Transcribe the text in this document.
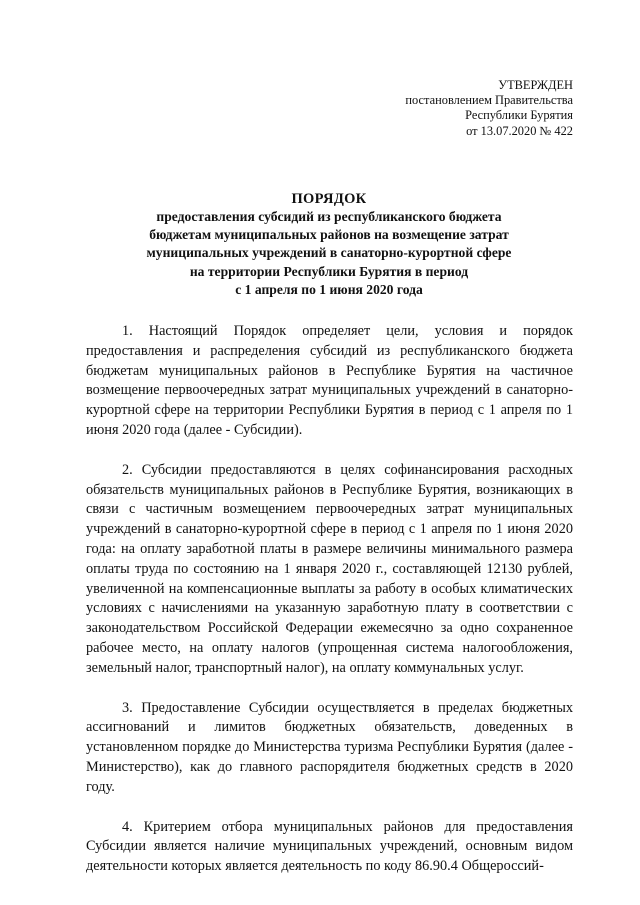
УТВЕРЖДЕН
постановлением Правительства
Республики Бурятия
от 13.07.2020 № 422
ПОРЯДОК
предоставления субсидий из республиканского бюджета
бюджетам муниципальных районов на возмещение затрат
муниципальных учреждений в санаторно-курортной сфере
на территории Республики Бурятия в период
с 1 апреля по 1 июня 2020 года

1. Настоящий Порядок определяет цели, условия и порядок предоставления и распределения субсидий из республиканского бюджета бюджетам муниципальных районов в Республике Бурятия на частичное возмещение первоочередных затрат муниципальных учреждений в санаторно-курортной сфере на территории Республики Бурятия в период с 1 апреля по 1 июня 2020 года (далее - Субсидии).

2. Субсидии предоставляются в целях софинансирования расходных обязательств муниципальных районов в Республике Бурятия, возникающих в связи с частичным возмещением первоочередных затрат муниципальных учреждений в санаторно-курортной сфере в период с 1 апреля по 1 июня 2020 года: на оплату заработной платы в размере величины минимального размера оплаты труда по состоянию на 1 января 2020 г., составляющей 12130 рублей, увеличенной на компенсационные выплаты за работу в особых климатических условиях с начислениями на указанную заработную плату в соответствии с законодательством Российской Федерации ежемесячно за одно сохраненное рабочее место, на оплату налогов (упрощенная система налогообложения, земельный налог, транспортный налог), на оплату коммунальных услуг.

3. Предоставление Субсидии осуществляется в пределах бюджетных ассигнований и лимитов бюджетных обязательств, доведенных в установленном порядке до Министерства туризма Республики Бурятия (далее - Министерство), как до главного распорядителя бюджетных средств в 2020 году.

4. Критерием отбора муниципальных районов для предоставления Субсидии является наличие муниципальных учреждений, основным видом деятельности которых является деятельность по коду 86.90.4 Общероссий-
